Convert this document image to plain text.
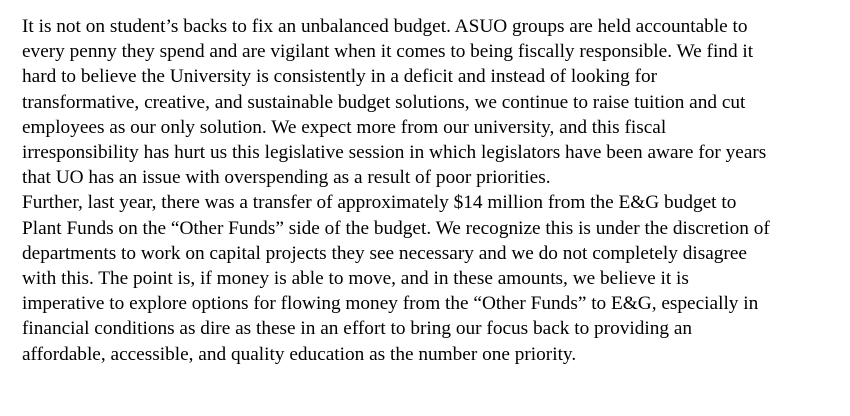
It is not on student’s backs to fix an unbalanced budget. ASUO groups are held accountable to
every penny they spend and are vigilant when it comes to being fiscally responsible. We find it
hard to believe the University is consistently in a deficit and instead of looking for
transformative, creative, and sustainable budget solutions, we continue to raise tuition and cut
employees as our only solution. We expect more from our university, and this fiscal
irresponsibility has hurt us this legislative session in which legislators have been aware for years
that UO has an issue with overspending as a result of poor priorities.
Further, last year, there was a transfer of approximately $14 million from the E&G budget to
Plant Funds on the “Other Funds” side of the budget. We recognize this is under the discretion of
departments to work on capital projects they see necessary and we do not completely disagree
with this. The point is, if money is able to move, and in these amounts, we believe it is
imperative to explore options for flowing money from the “Other Funds” to E&G, especially in
financial conditions as dire as these in an effort to bring our focus back to providing an
affordable, accessible, and quality education as the number one priority.
